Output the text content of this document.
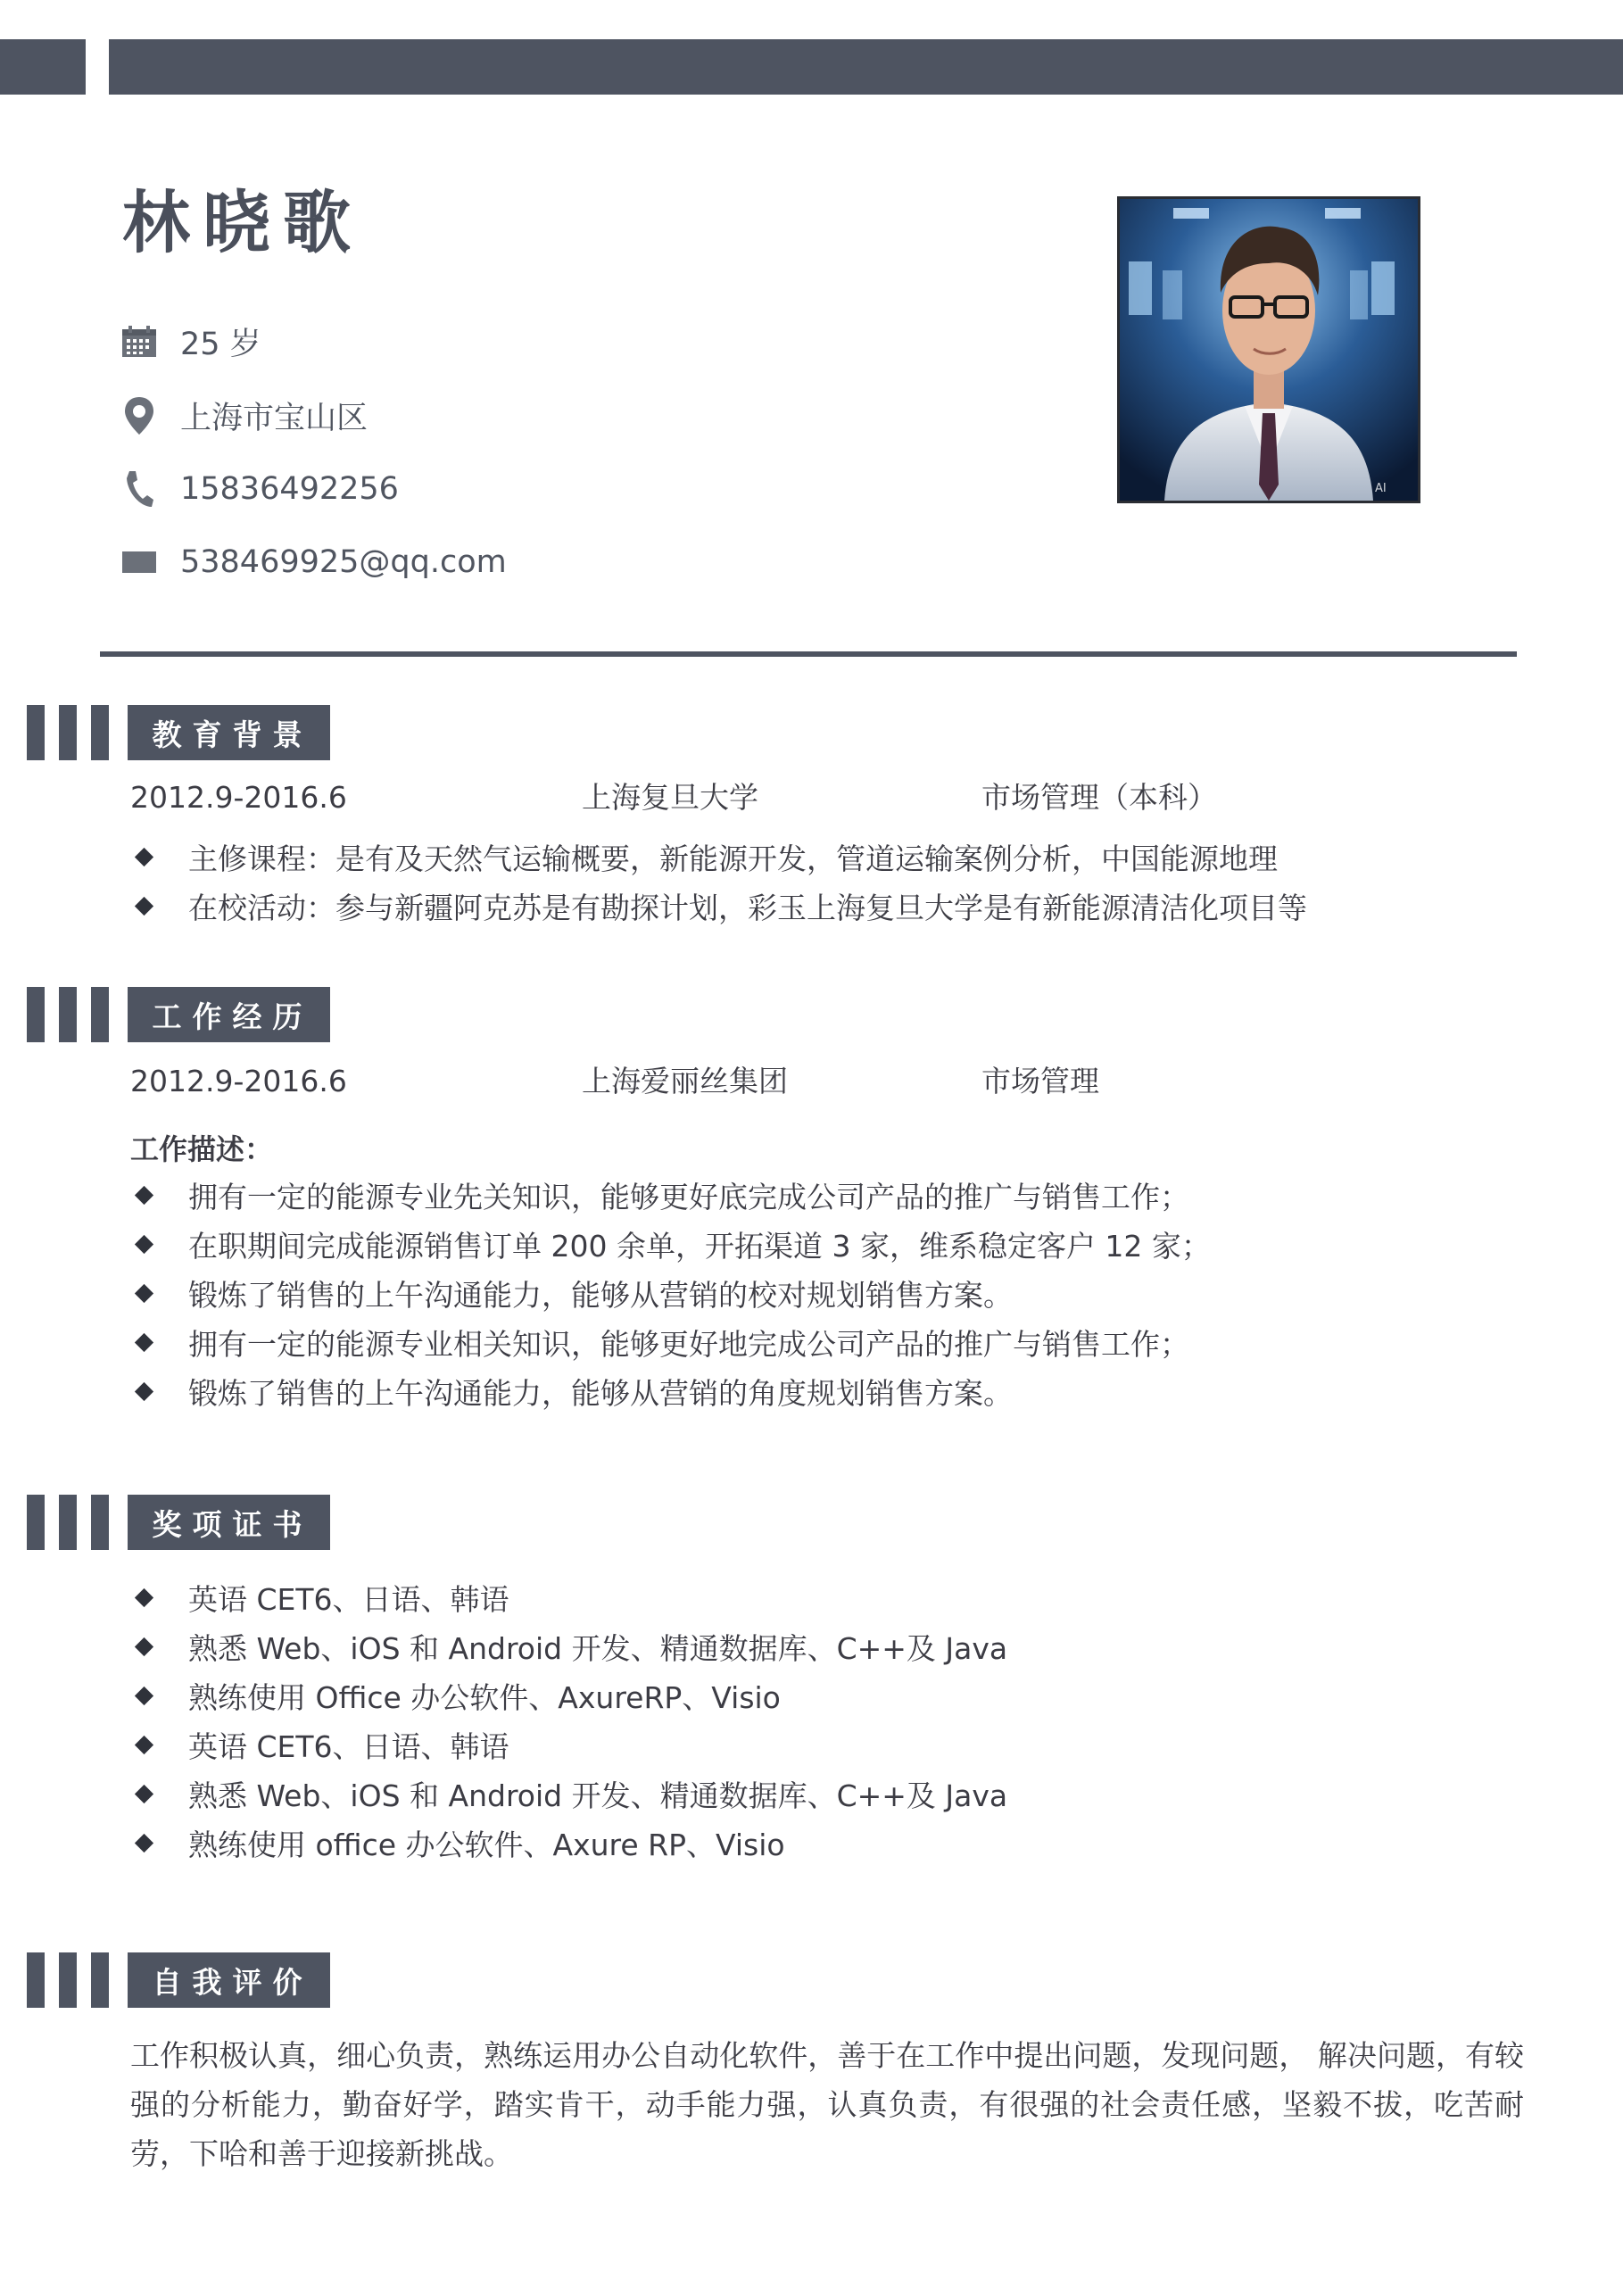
林晓歌
25 岁
上海市宝山区
15836492256
538469925@qq.com
AI
教育背景
2012.9-2016.6	上海复旦大学	市场管理（本科）
主修课程：是有及天然气运输概要，新能源开发，管道运输案例分析，中国能源地理
在校活动：参与新疆阿克苏是有勘探计划，彩玉上海复旦大学是有新能源清洁化项目等
工作经历
2012.9-2016.6	上海爱丽丝集团	市场管理
工作描述：
拥有一定的能源专业先关知识，能够更好底完成公司产品的推广与销售工作；
在职期间完成能源销售订单 200 余单，开拓渠道 3 家，维系稳定客户 12 家；
锻炼了销售的上午沟通能力，能够从营销的校对规划销售方案。
拥有一定的能源专业相关知识，能够更好地完成公司产品的推广与销售工作；
锻炼了销售的上午沟通能力，能够从营销的角度规划销售方案。
奖项证书
英语 CET6、日语、韩语
熟悉 Web、iOS 和 Android 开发、精通数据库、C++及 Java
熟练使用 Office 办公软件、AxureRP、Visio
英语 CET6、日语、韩语
熟悉 Web、iOS 和 Android 开发、精通数据库、C++及 Java
熟练使用 office 办公软件、Axure RP、Visio
自我评价
工作积极认真，细心负责，熟练运用办公自动化软件，善于在工作中提出问题，发现问题， 解决问题，有较强的分析能力，勤奋好学，踏实肯干，动手能力强，认真负责，有很强的社会责任感，坚毅不拔，吃苦耐劳，下哈和善于迎接新挑战。
